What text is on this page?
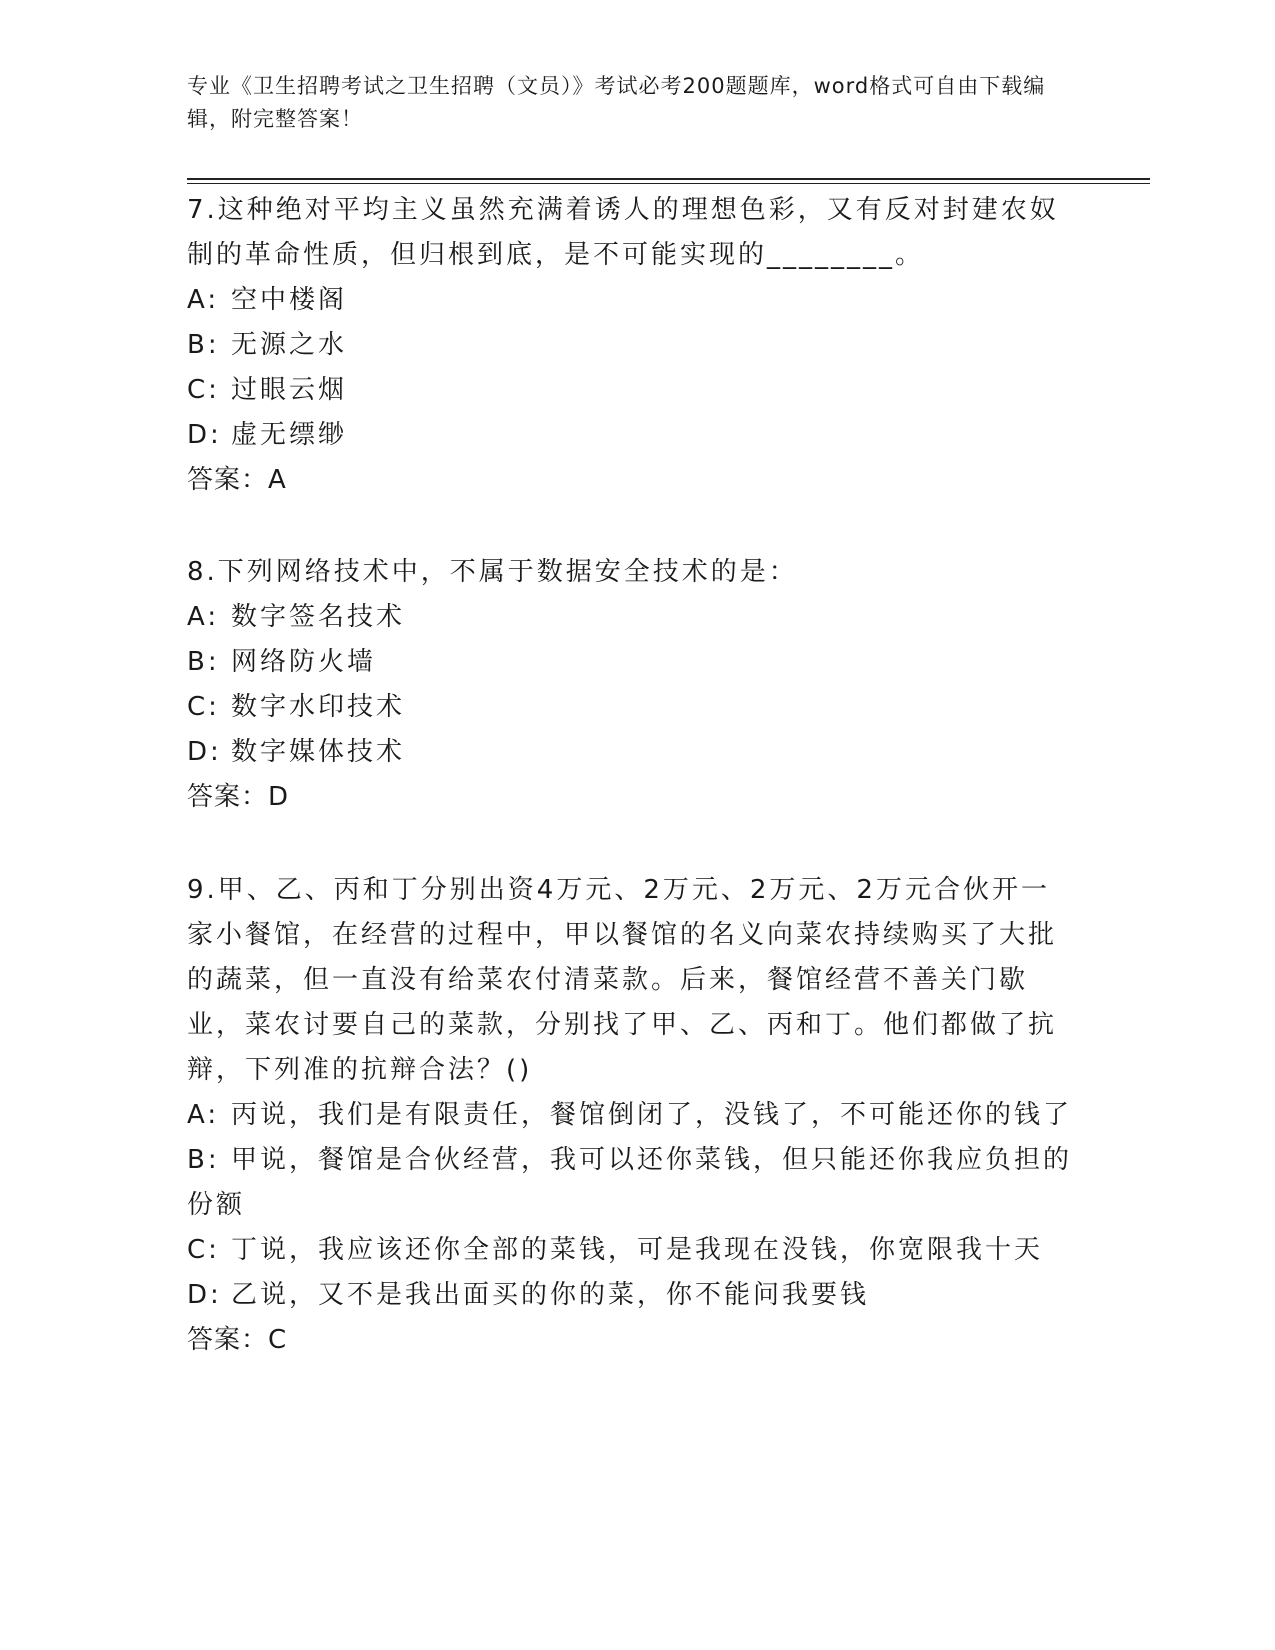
专业《卫生招聘考试之卫生招聘（文员）》考试必考200题题库，word格式可自由下载编辑，附完整答案！
7.这种绝对平均主义虽然充满着诱人的理想色彩，又有反对封建农奴制的革命性质，但归根到底，是不可能实现的________。
A: 空中楼阁
B: 无源之水
C: 过眼云烟
D: 虚无缥缈
答案：A
8.下列网络技术中，不属于数据安全技术的是：
A: 数字签名技术
B: 网络防火墙
C: 数字水印技术
D: 数字媒体技术
答案：D
9.甲、乙、丙和丁分别出资4万元、2万元、2万元、2万元合伙开一家小餐馆，在经营的过程中，甲以餐馆的名义向菜农持续购买了大批的蔬菜，但一直没有给菜农付清菜款。后来，餐馆经营不善关门歇业，菜农讨要自己的菜款，分别找了甲、乙、丙和丁。他们都做了抗辩，下列准的抗辩合法？()
A: 丙说，我们是有限责任，餐馆倒闭了，没钱了，不可能还你的钱了
B: 甲说，餐馆是合伙经营，我可以还你菜钱，但只能还你我应负担的份额
C: 丁说，我应该还你全部的菜钱，可是我现在没钱，你宽限我十天
D: 乙说，又不是我出面买的你的菜，你不能问我要钱
答案：C
